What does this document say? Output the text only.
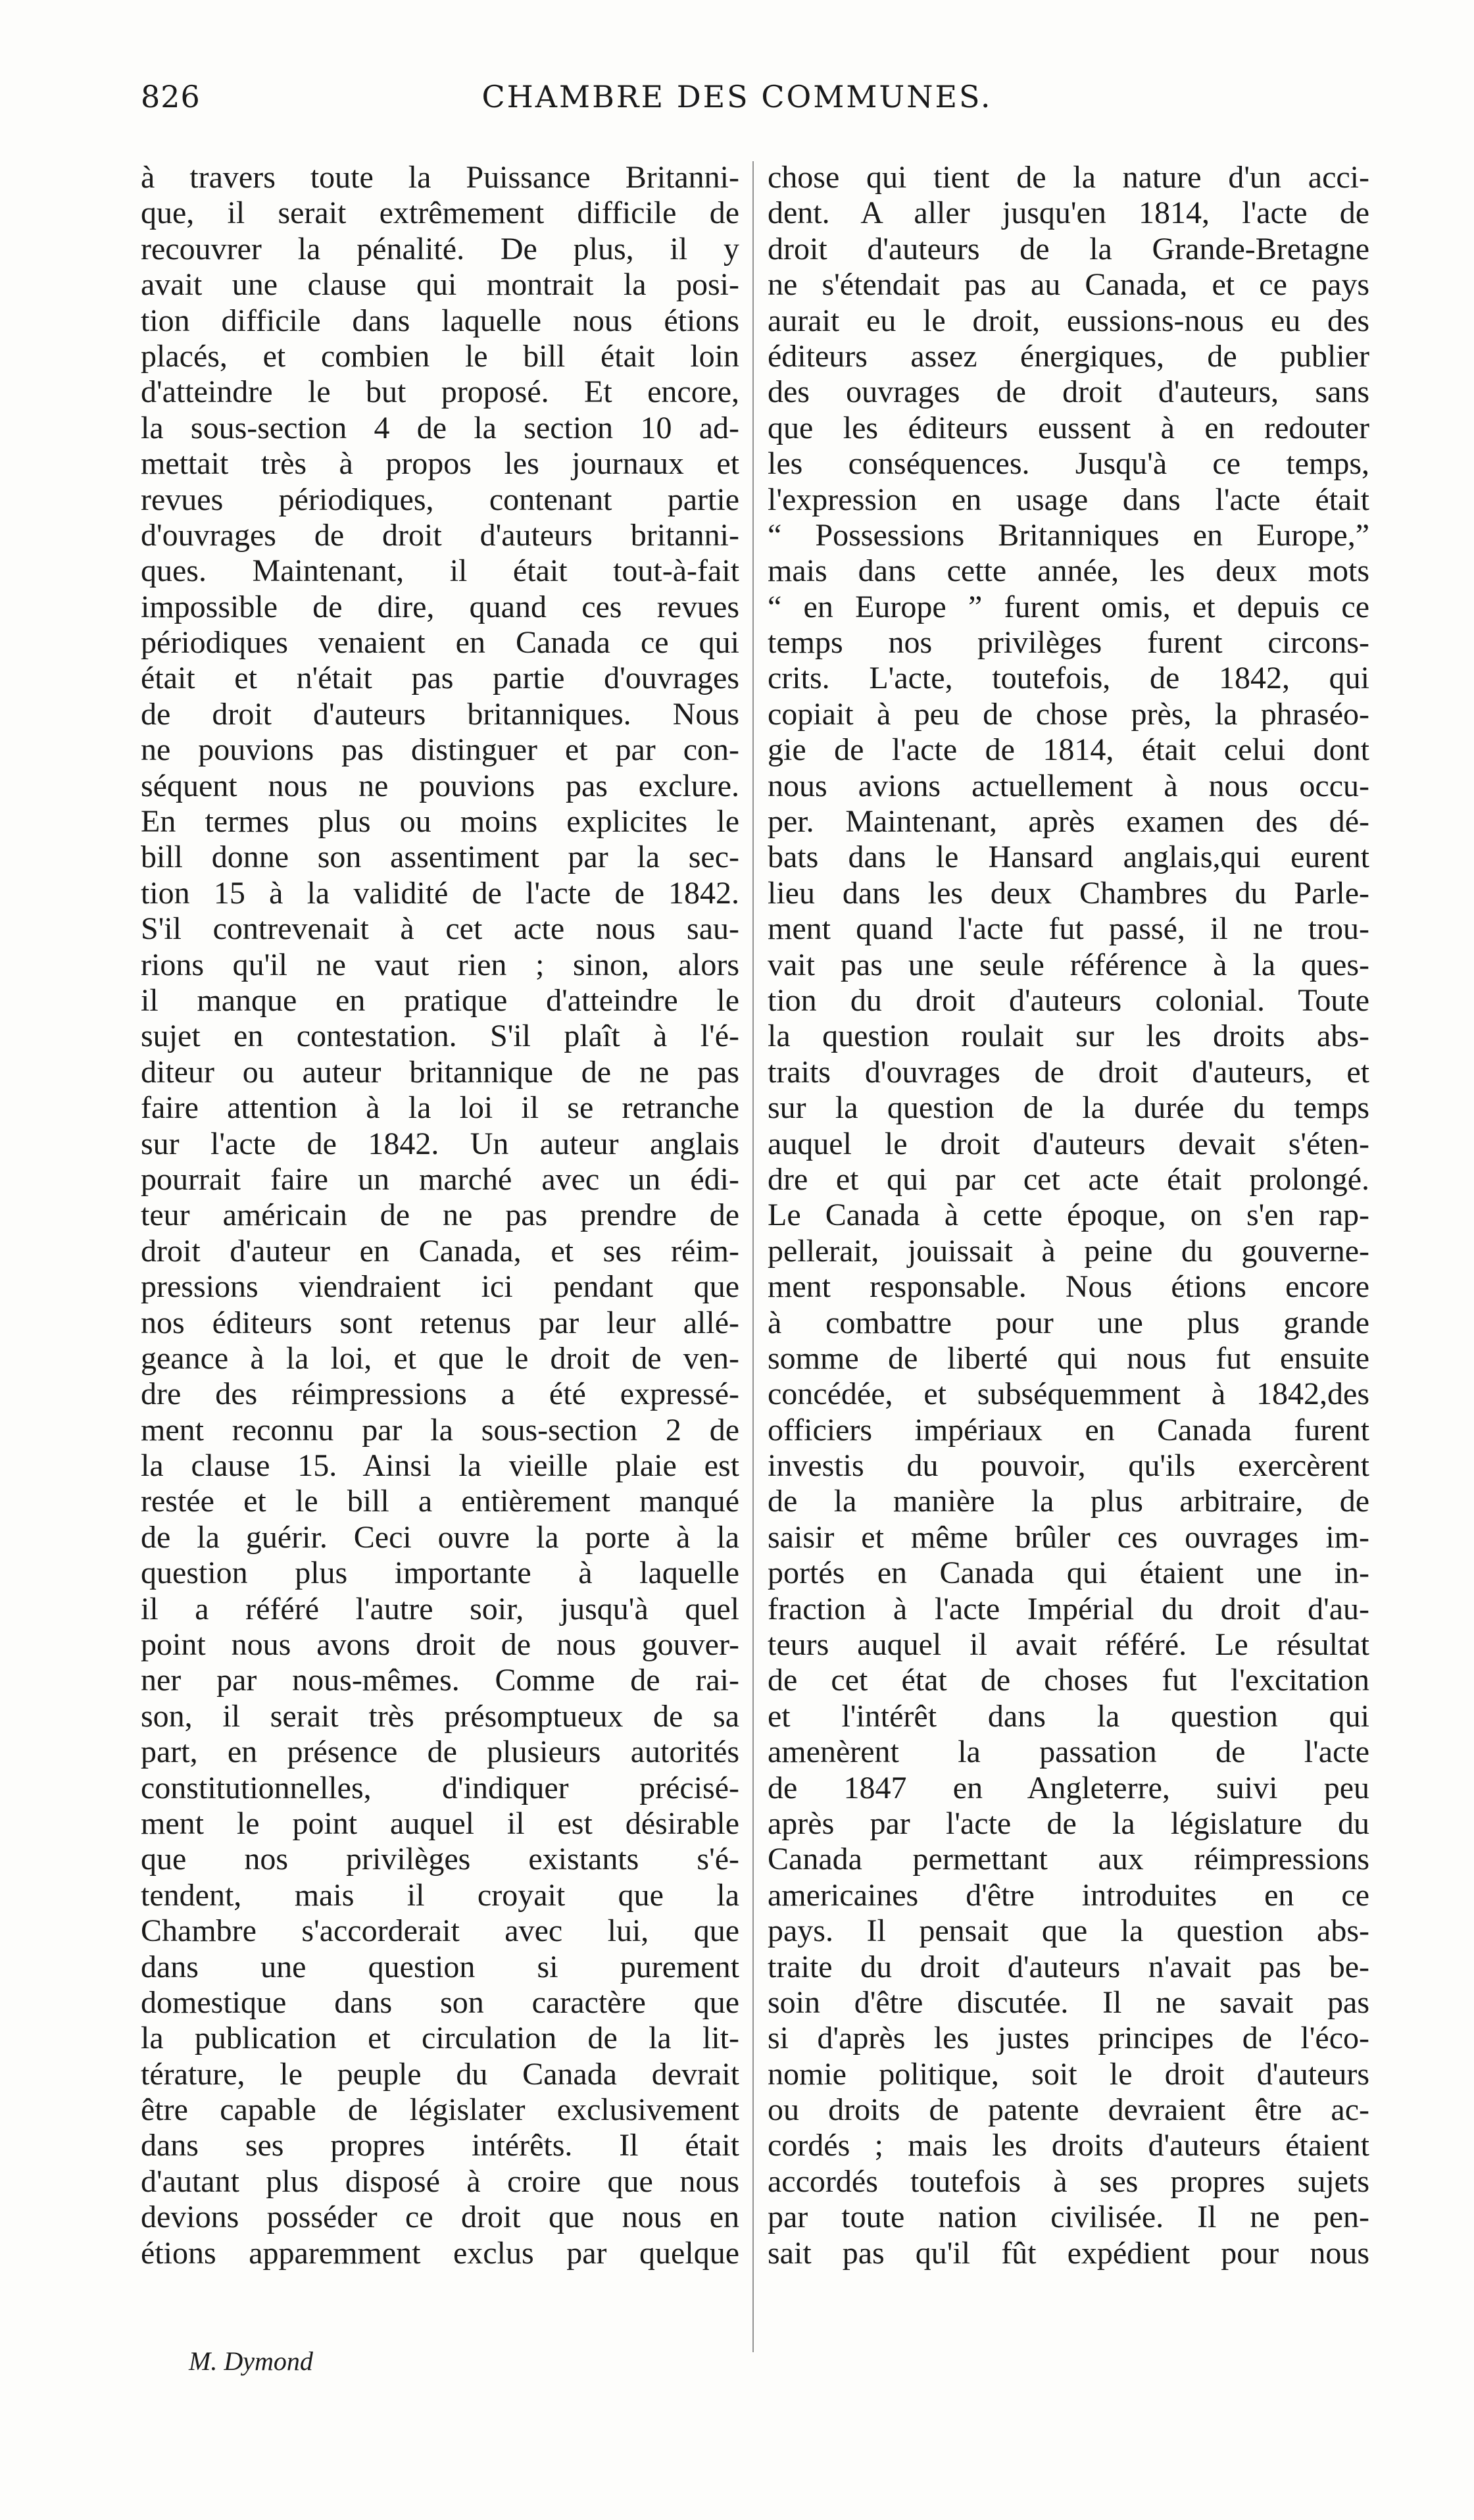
826	CHAMBRE DES COMMUNES.
à travers toute la Puissance Britanni-
que, il serait extrêmement difficile de
recouvrer la pénalité. De plus, il y
avait une clause qui montrait la posi-
tion difficile dans laquelle nous étions
placés, et combien le bill était loin
d'atteindre le but proposé. Et encore,
la sous-section 4 de la section 10 ad-
mettait très à propos les journaux et
revues périodiques, contenant partie
d'ouvrages de droit d'auteurs britanni-
ques. Maintenant, il était tout-à-fait
impossible de dire, quand ces revues
périodiques venaient en Canada ce qui
était et n'était pas partie d'ouvrages
de droit d'auteurs britanniques. Nous
ne pouvions pas distinguer et par con-
séquent nous ne pouvions pas exclure.
En termes plus ou moins explicites le
bill donne son assentiment par la sec-
tion 15 à la validité de l'acte de 1842.
S'il contrevenait à cet acte nous sau-
rions qu'il ne vaut rien ; sinon, alors
il manque en pratique d'atteindre le
sujet en contestation. S'il plaît à l'é-
diteur ou auteur britannique de ne pas
faire attention à la loi il se retranche
sur l'acte de 1842. Un auteur anglais
pourrait faire un marché avec un édi-
teur américain de ne pas prendre de
droit d'auteur en Canada, et ses réim-
pressions viendraient ici pendant que
nos éditeurs sont retenus par leur allé-
geance à la loi, et que le droit de ven-
dre des réimpressions a été expressé-
ment reconnu par la sous-section 2 de
la clause 15. Ainsi la vieille plaie est
restée et le bill a entièrement manqué
de la guérir. Ceci ouvre la porte à la
question plus importante à laquelle
il a référé l'autre soir, jusqu'à quel
point nous avons droit de nous gouver-
ner par nous-mêmes. Comme de rai-
son, il serait très présomptueux de sa
part, en présence de plusieurs autorités
constitutionnelles, d'indiquer précisé-
ment le point auquel il est désirable
que nos privilèges existants s'é-
tendent, mais il croyait que la
Chambre s'accorderait avec lui, que
dans une question si purement
domestique dans son caractère que
la publication et circulation de la lit-
térature, le peuple du Canada devrait
être capable de législater exclusivement
dans ses propres intérêts. Il était
d'autant plus disposé à croire que nous
devions posséder ce droit que nous en
étions apparemment exclus par quelque
chose qui tient de la nature d'un acci-
dent. A aller jusqu'en 1814, l'acte de
droit d'auteurs de la Grande-Bretagne
ne s'étendait pas au Canada, et ce pays
aurait eu le droit, eussions-nous eu des
éditeurs assez énergiques, de publier
des ouvrages de droit d'auteurs, sans
que les éditeurs eussent à en redouter
les conséquences. Jusqu'à ce temps,
l'expression en usage dans l'acte était
“ Possessions Britanniques en Europe,”
mais dans cette année, les deux mots
“ en Europe ” furent omis, et depuis ce
temps nos privilèges furent circons-
crits. L'acte, toutefois, de 1842, qui
copiait à peu de chose près, la phraséo-
gie de l'acte de 1814, était celui dont
nous avions actuellement à nous occu-
per. Maintenant, après examen des dé-
bats dans le Hansard anglais,qui eurent
lieu dans les deux Chambres du Parle-
ment quand l'acte fut passé, il ne trou-
vait pas une seule référence à la ques-
tion du droit d'auteurs colonial. Toute
la question roulait sur les droits abs-
traits d'ouvrages de droit d'auteurs, et
sur la question de la durée du temps
auquel le droit d'auteurs devait s'éten-
dre et qui par cet acte était prolongé.
Le Canada à cette époque, on s'en rap-
pellerait, jouissait à peine du gouverne-
ment responsable. Nous étions encore
à combattre pour une plus grande
somme de liberté qui nous fut ensuite
concédée, et subséquemment à 1842,des
officiers impériaux en Canada furent
investis du pouvoir, qu'ils exercèrent
de la manière la plus arbitraire, de
saisir et même brûler ces ouvrages im-
portés en Canada qui étaient une in-
fraction à l'acte Impérial du droit d'au-
teurs auquel il avait référé. Le résultat
de cet état de choses fut l'excitation
et l'intérêt dans la question qui
amenèrent la passation de l'acte
de 1847 en Angleterre, suivi peu
après par l'acte de la législature du
Canada permettant aux réimpressions
americaines d'être introduites en ce
pays. Il pensait que la question abs-
traite du droit d'auteurs n'avait pas be-
soin d'être discutée. Il ne savait pas
si d'après les justes principes de l'éco-
nomie politique, soit le droit d'auteurs
ou droits de patente devraient être ac-
cordés ; mais les droits d'auteurs étaient
accordés toutefois à ses propres sujets
par toute nation civilisée. Il ne pen-
sait pas qu'il fût expédient pour nous
M. Dymond
